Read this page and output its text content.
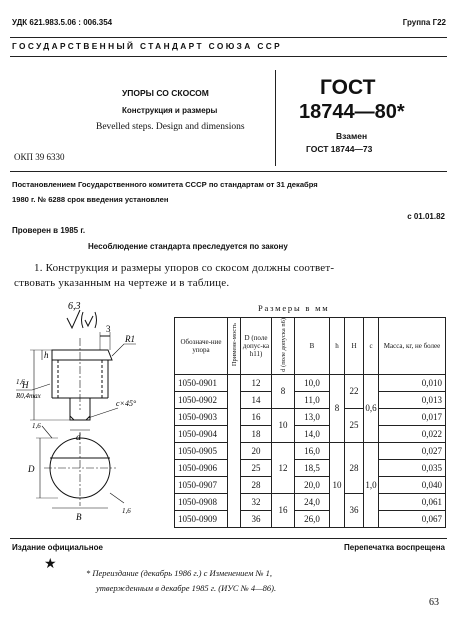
УДК 621.983.5.06 : 006.354	Группа Г22
ГОСУДАРСТВЕННЫЙ СТАНДАРТ СОЮЗА ССР
УПОРЫ СО СКОСОМ
Конструкция и размеры
Bevelled steps. Design and dimensions
ОКП 39 6330
ГОСТ
18744—80*
Взамен
ГОСТ 18744—73
Постановлением Государственного комитета СССР по стандартам от 31 декабря
1980 г. № 6288 срок введения установлен
с 01.01.82
Проверен в 1985 г.
Несоблюдение стандарта преследуется по закону
1. Конструкция и размеры упоров со скосом должны соответ-
ствовать указанным на чертеже и в таблице.
6,3
3
R1
h
H
1,6
R0,4max
d
c×45°
1,6
D
B
1,6
Размеры в мм
Обозначе-ние упора	Примене-мость	D (поле допус-ка h11)	d (поле допуска n6)	B	h	H	c	Масса, кг, не более
1050-0901		12	8	10,0	8	22	0,6	0,010
1050-0902		14		11,0				0,013
1050-0903		16	10	13,0		25		0,017
1050-0904		18		14,0				0,022
1050-0905		20	12	16,0	10	28	1,0	0,027
1050-0906		25		18,5				0,035
1050-0907		28		20,0				0,040
1050-0908		32	16	24,0		36		0,061
1050-0909		36		26,0				0,067
Издание официальное	Перепечатка воспрещена
★
* Переиздание (декабрь 1986 г.) с Изменением № 1,
утвержденным в декабре 1985 г. (ИУС № 4—86).
63
